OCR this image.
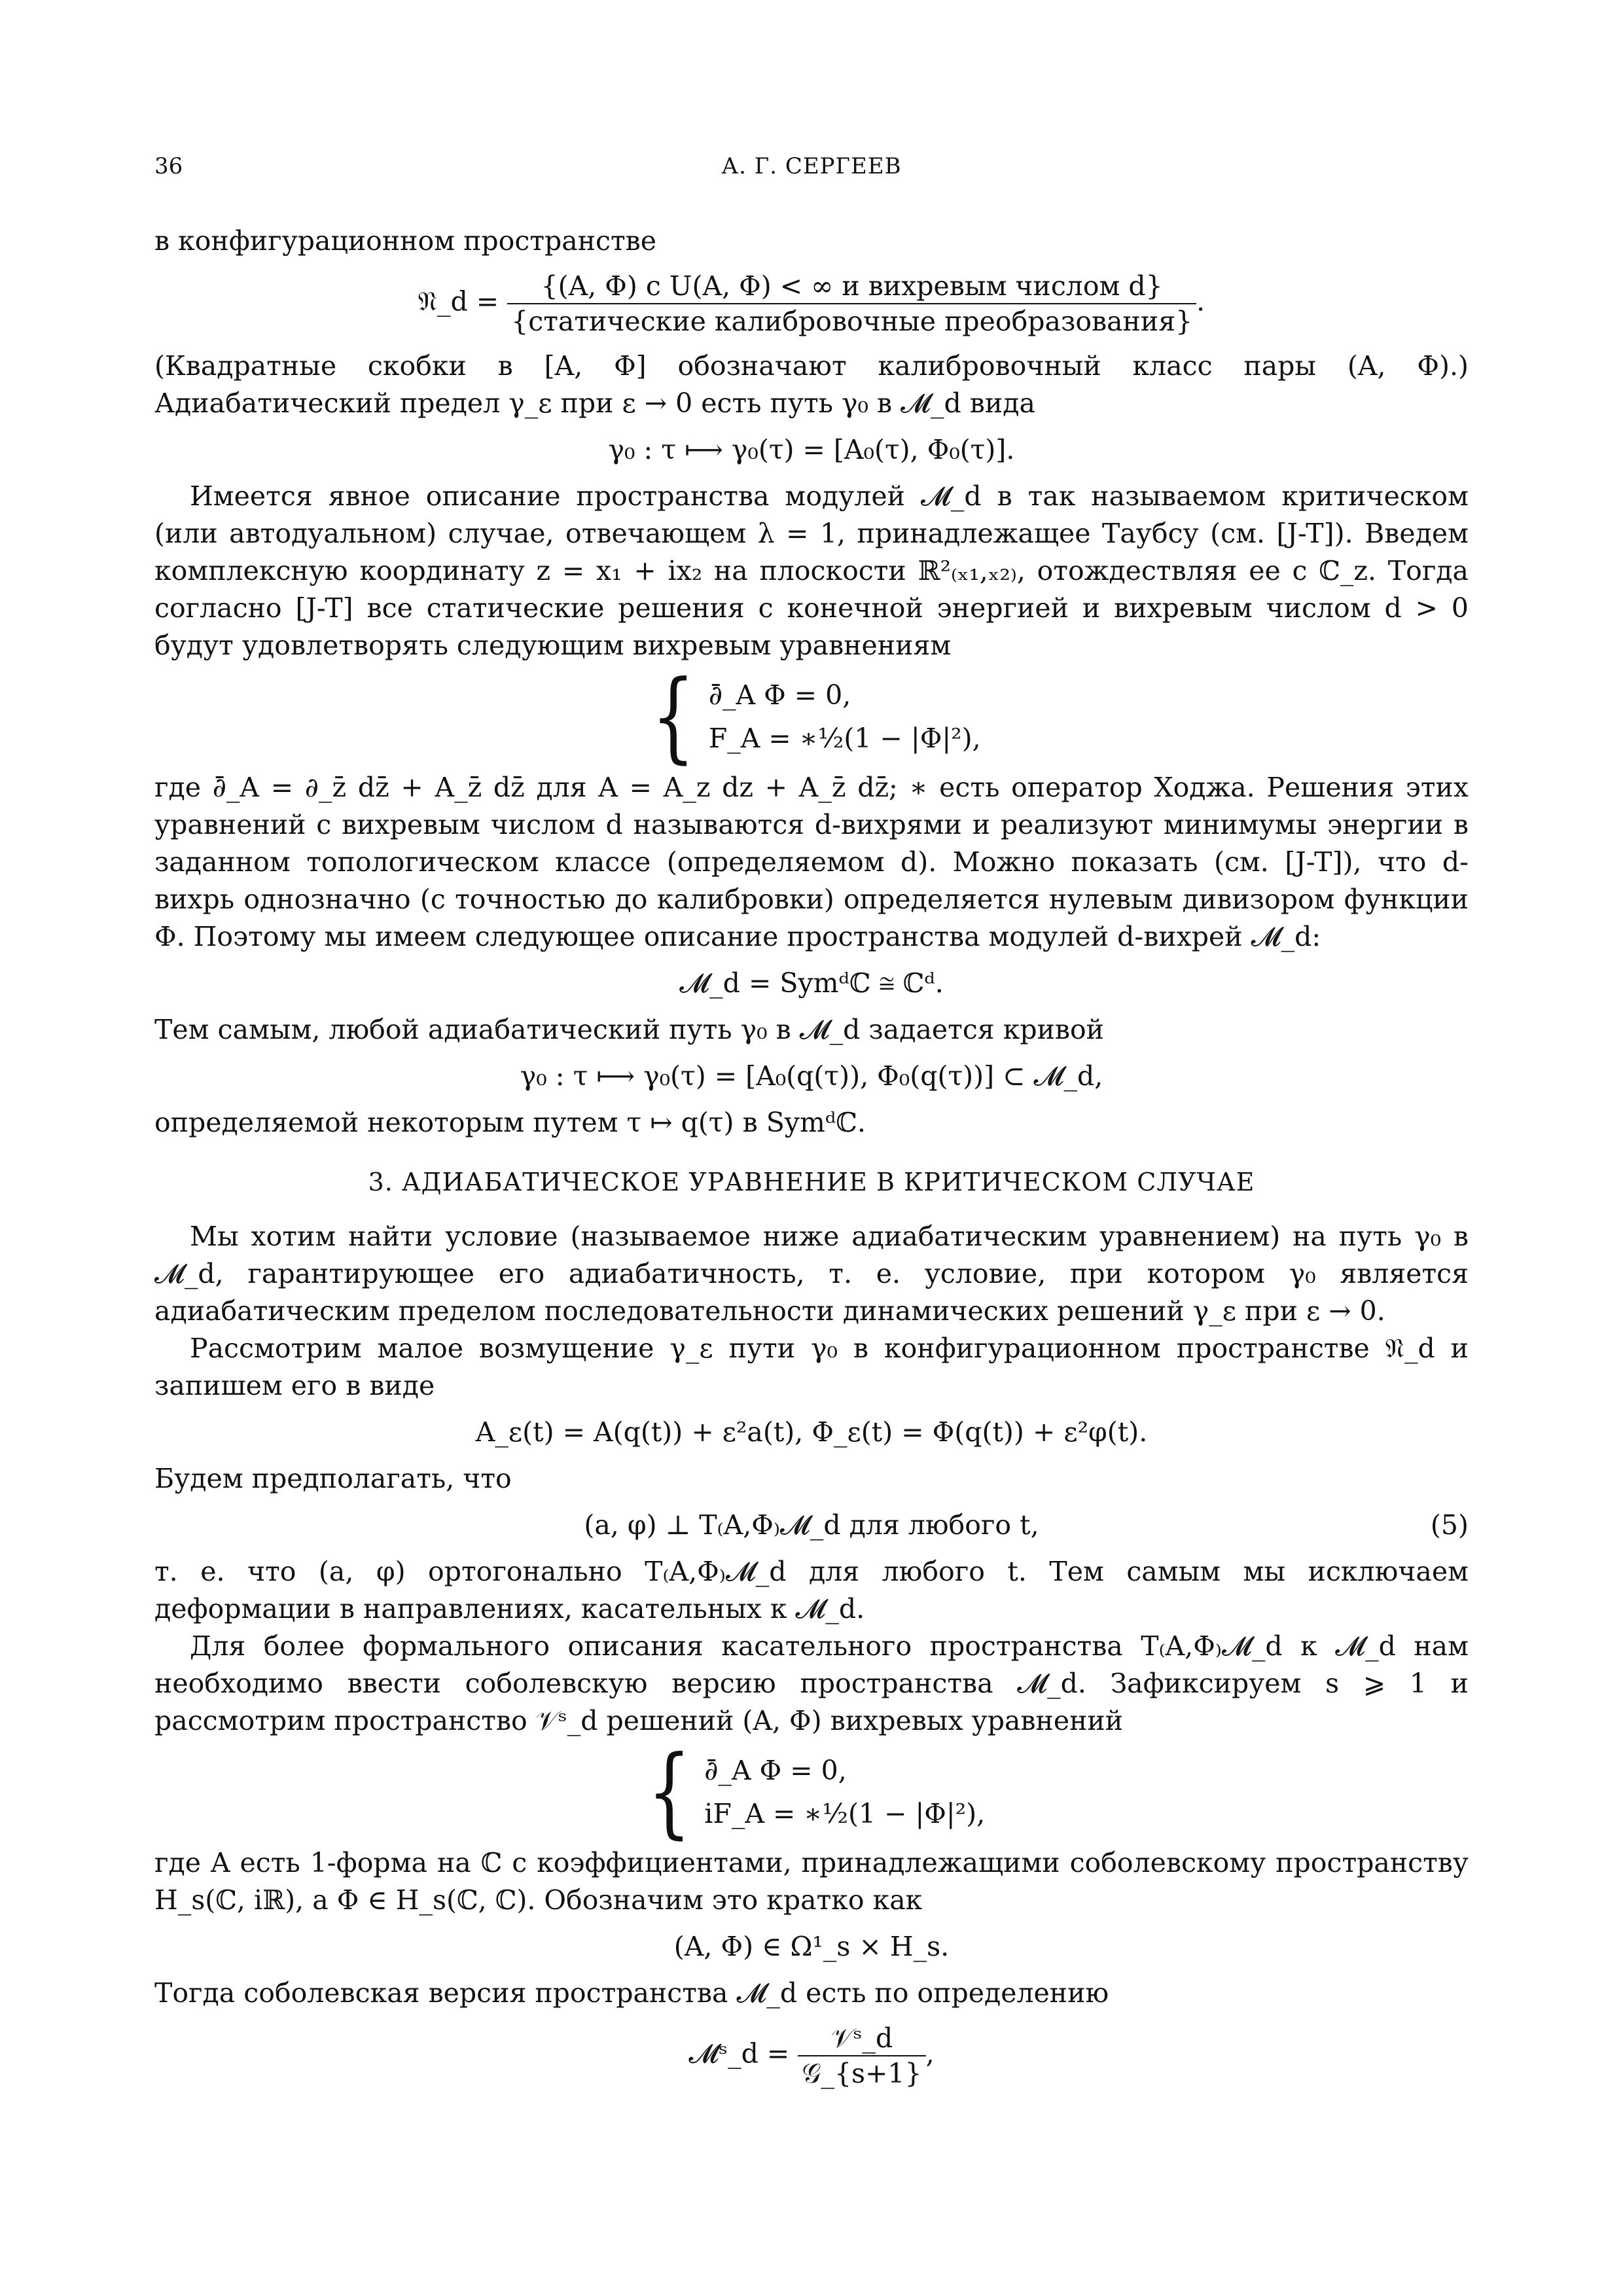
36	А. Г. СЕРГЕЕВ

в конфигурационном пространстве

𝔑_d = $\frac{\text{\{(A, Φ) с U(A, Φ) < ∞ и вихревым числом d\}}}{\text{\{статические калибровочные преобразования\}}}$ .

(Квадратные скобки в [A, Φ] обозначают калибровочный класс пары (A, Φ).) Адиабатический предел γ_ε при ε → 0 есть путь γ₀ в 𝓜_d вида

γ₀ : τ ⟼ γ₀(τ) = [A₀(τ), Φ₀(τ)].

Имеется явное описание пространства модулей 𝓜_d в так называемом критическом (или автодуальном) случае, отвечающем λ = 1, принадлежащее Таубсу (см. [J-T]). Введем комплексную координату z = x₁ + ix₂ на плоскости ℝ²₍ₓ₁,ₓ₂₎, отождествляя ее с ℂ_z. Тогда согласно [J-T] все статические решения с конечной энергией и вихревым числом d > 0 будут удовлетворять следующим вихревым уравнениям

{ ∂̄_A Φ = 0,
F_A = ∗½(1 − |Φ|²),

где ∂̄_A = ∂_z̄ dz̄ + A_z̄ dz̄ для A = A_z dz + A_z̄ dz̄; ∗ есть оператор Ходжа. Решения этих уравнений с вихревым числом d называются d-вихрями и реализуют минимумы энергии в заданном топологическом классе (определяемом d). Можно показать (см. [J-T]), что d-вихрь однозначно (с точностью до калибровки) определяется нулевым дивизором функции Φ. Поэтому мы имеем следующее описание пространства модулей d-вихрей 𝓜_d:

𝓜_d = Symᵈℂ ≅ ℂᵈ.

Тем самым, любой адиабатический путь γ₀ в 𝓜_d задается кривой

γ₀ : τ ⟼ γ₀(τ) = [A₀(q(τ)), Φ₀(q(τ))] ⊂ 𝓜_d,

определяемой некоторым путем τ ↦ q(τ) в Symᵈℂ.

3. АДИАБАТИЧЕСКОЕ УРАВНЕНИЕ В КРИТИЧЕСКОМ СЛУЧАЕ

Мы хотим найти условие (называемое ниже адиабатическим уравнением) на путь γ₀ в 𝓜_d, гарантирующее его адиабатичность, т. е. условие, при котором γ₀ является адиабатическим пределом последовательности динамических решений γ_ε при ε → 0.

Рассмотрим малое возмущение γ_ε пути γ₀ в конфигурационном пространстве 𝔑_d и запишем его в виде

A_ε(t) = A(q(t)) + ε²a(t), Φ_ε(t) = Φ(q(t)) + ε²φ(t).

Будем предполагать, что

(a, φ) ⊥ T₍A,Φ₎𝓜_d для любого t,	(5)

т. е. что (a, φ) ортогонально T₍A,Φ₎𝓜_d для любого t. Тем самым мы исключаем деформации в направлениях, касательных к 𝓜_d.

Для более формального описания касательного пространства T₍A,Φ₎𝓜_d к 𝓜_d нам необходимо ввести соболевскую версию пространства 𝓜_d. Зафиксируем s ⩾ 1 и рассмотрим пространство 𝒱ˢ_d решений (A, Φ) вихревых уравнений

{ ∂̄_A Φ = 0,
iF_A = ∗½(1 − |Φ|²),

где A есть 1-форма на ℂ с коэффициентами, принадлежащими соболевскому пространству H_s(ℂ, iℝ), а Φ ∈ H_s(ℂ, ℂ). Обозначим это кратко как

(A, Φ) ∈ Ω¹_s × H_s.

Тогда соболевская версия пространства 𝓜_d есть по определению

𝓜ˢ_d = $\frac{\text{𝒱ˢ\_d}}{\text{𝒢\_\{s+1\}}}$ ,
